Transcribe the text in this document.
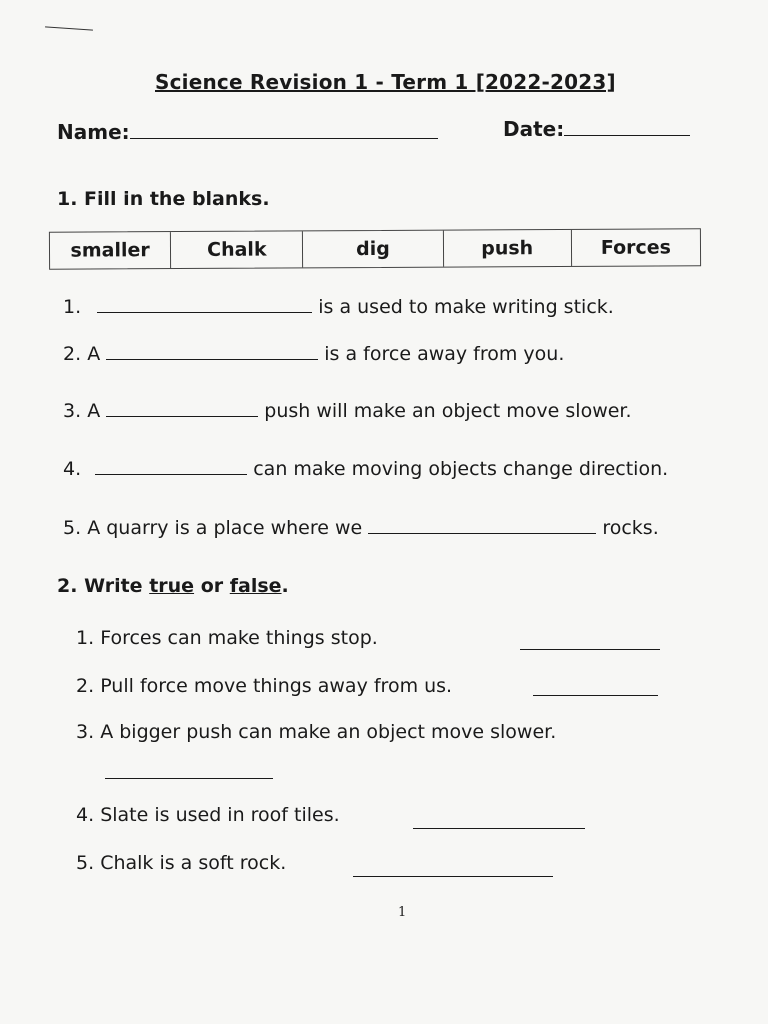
Science Revision 1 - Term 1 [2022-2023]
Name:	Date:
1. Fill in the blanks.
smaller	Chalk	dig	push	Forces
1.	is a used to make writing stick.
2. A	is a force away from you.
3. A	push will make an object move slower.
4.	can make moving objects change direction.
5. A quarry is a place where we	rocks.
2. Write true or false.
1. Forces can make things stop.
2. Pull force move things away from us.
3. A bigger push can make an object move slower.
4. Slate is used in roof tiles.
5. Chalk is a soft rock.
1
